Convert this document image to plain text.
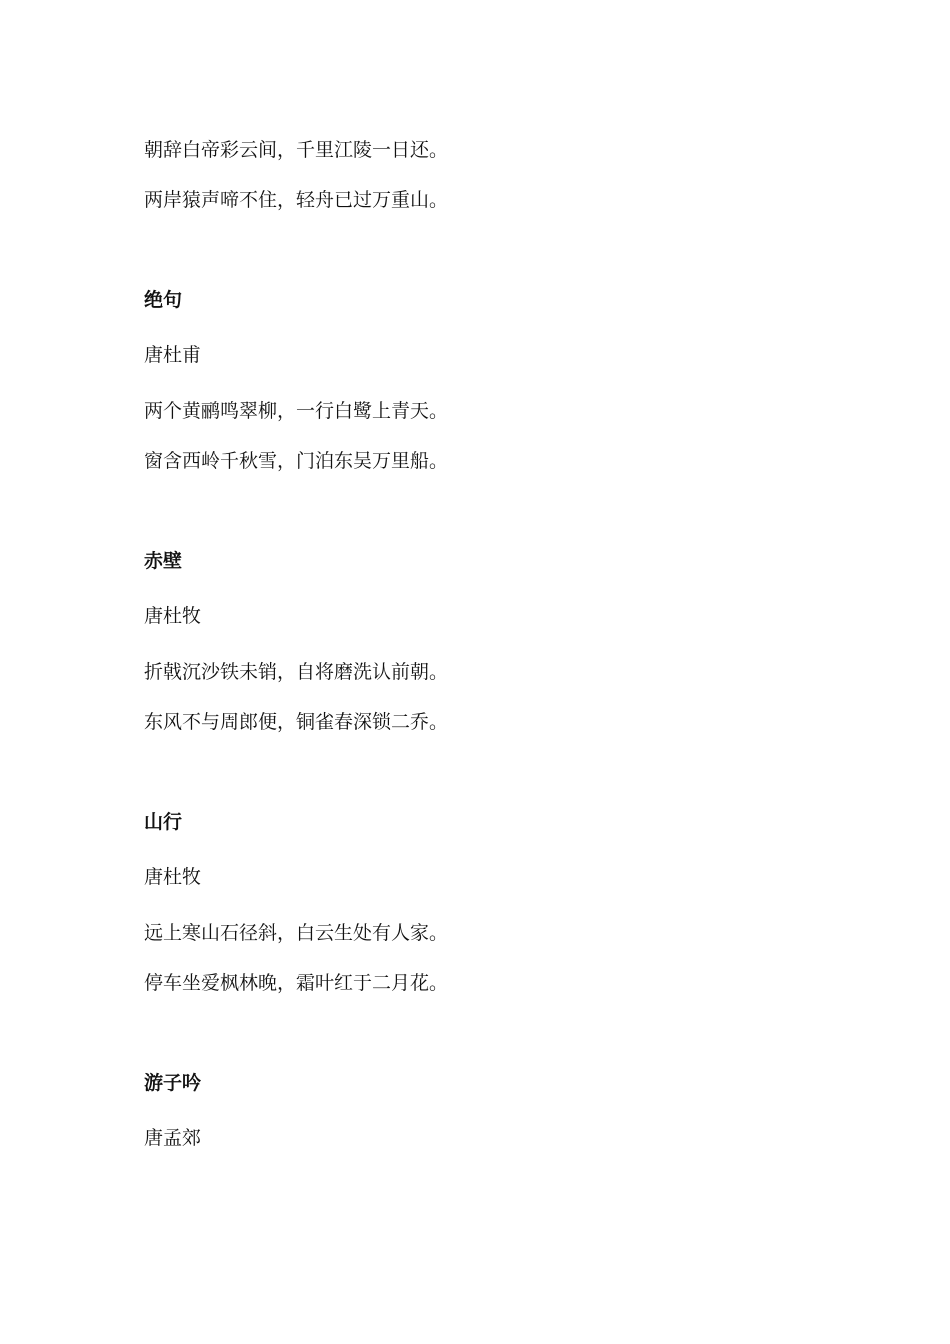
朝辞白帝彩云间，千里江陵一日还。
两岸猿声啼不住，轻舟已过万重山。
绝句
唐杜甫
两个黄鹂鸣翠柳，一行白鹭上青天。
窗含西岭千秋雪，门泊东吴万里船。
赤壁
唐杜牧
折戟沉沙铁未销，自将磨洗认前朝。
东风不与周郎便，铜雀春深锁二乔。
山行
唐杜牧
远上寒山石径斜，白云生处有人家。
停车坐爱枫林晚，霜叶红于二月花。
游子吟
唐孟郊
